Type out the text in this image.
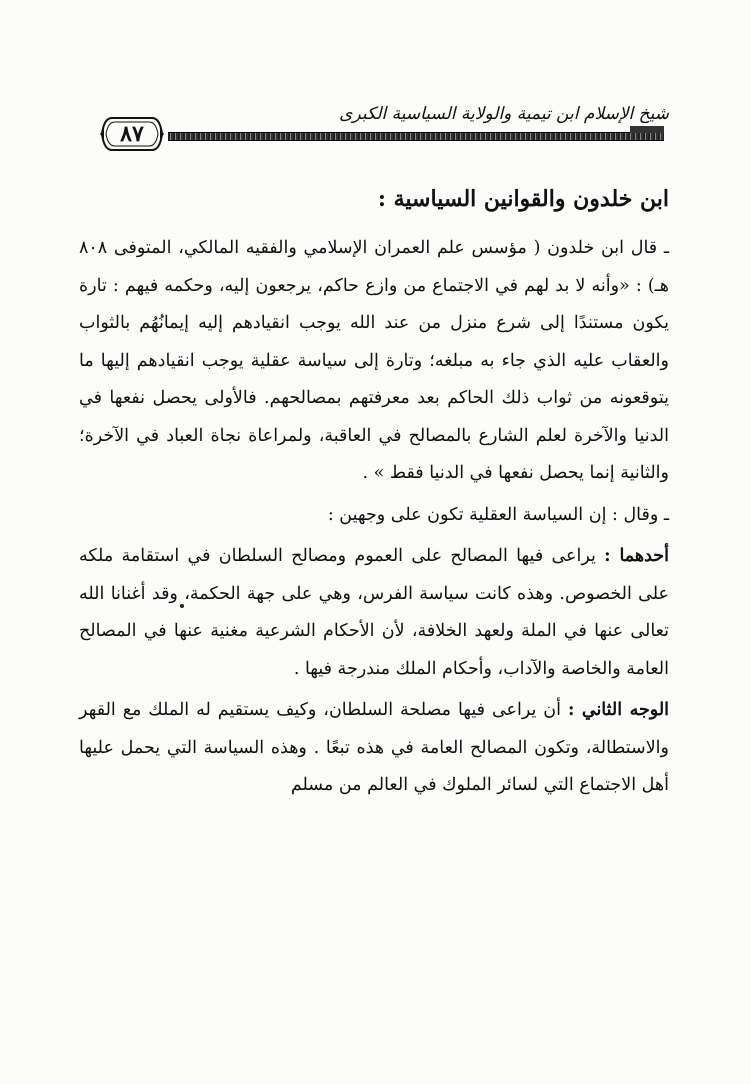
شيخ الإسلام ابن تيمية والولاية السياسية الكبرى
٨٧
ابن خلدون والقوانين السياسية :

ـ قال ابن خلدون ( مؤسس علم العمران الإسلامي والفقيه المالكي، المتوفى ٨٠٨ هـ) : «وأنه لا بد لهم في الاجتماع من وازع حاكم، يرجعون إليه، وحكمه فيهم : تارة يكون مستندًا إلى شرع منزل من عند الله يوجب انقيادهم إليه إيمانُهُم بالثواب والعقاب عليه الذي جاء به مبلغه؛ وتارة إلى سياسة عقلية يوجب انقيادهم إليها ما يتوقعونه من ثواب ذلك الحاكم بعد معرفتهم بمصالحهم. فالأولى يحصل نفعها في الدنيا والآخرة لعلم الشارع بالمصالح في العاقبة، ولمراعاة نجاة العباد في الآخرة؛ والثانية إنما يحصل نفعها في الدنيا فقط » .

ـ وقال : إن السياسة العقلية تكون على وجهين :

أحدهما : يراعى فيها المصالح على العموم ومصالح السلطان في استقامة ملكه على الخصوص. وهذه كانت سياسة الفرس، وهي على جهة الحكمة، وقد أغنانا الله تعالى عنها في الملة ولعهد الخلافة، لأن الأحكام الشرعية مغنية عنها في المصالح العامة والخاصة والآداب، وأحكام الملك مندرجة فيها .

الوجه الثاني : أن يراعى فيها مصلحة السلطان، وكيف يستقيم له الملك مع القهر والاستطالة، وتكون المصالح العامة في هذه تبعًا . وهذه السياسة التي يحمل عليها أهل الاجتماع التي لسائر الملوك في العالم من مسلم
